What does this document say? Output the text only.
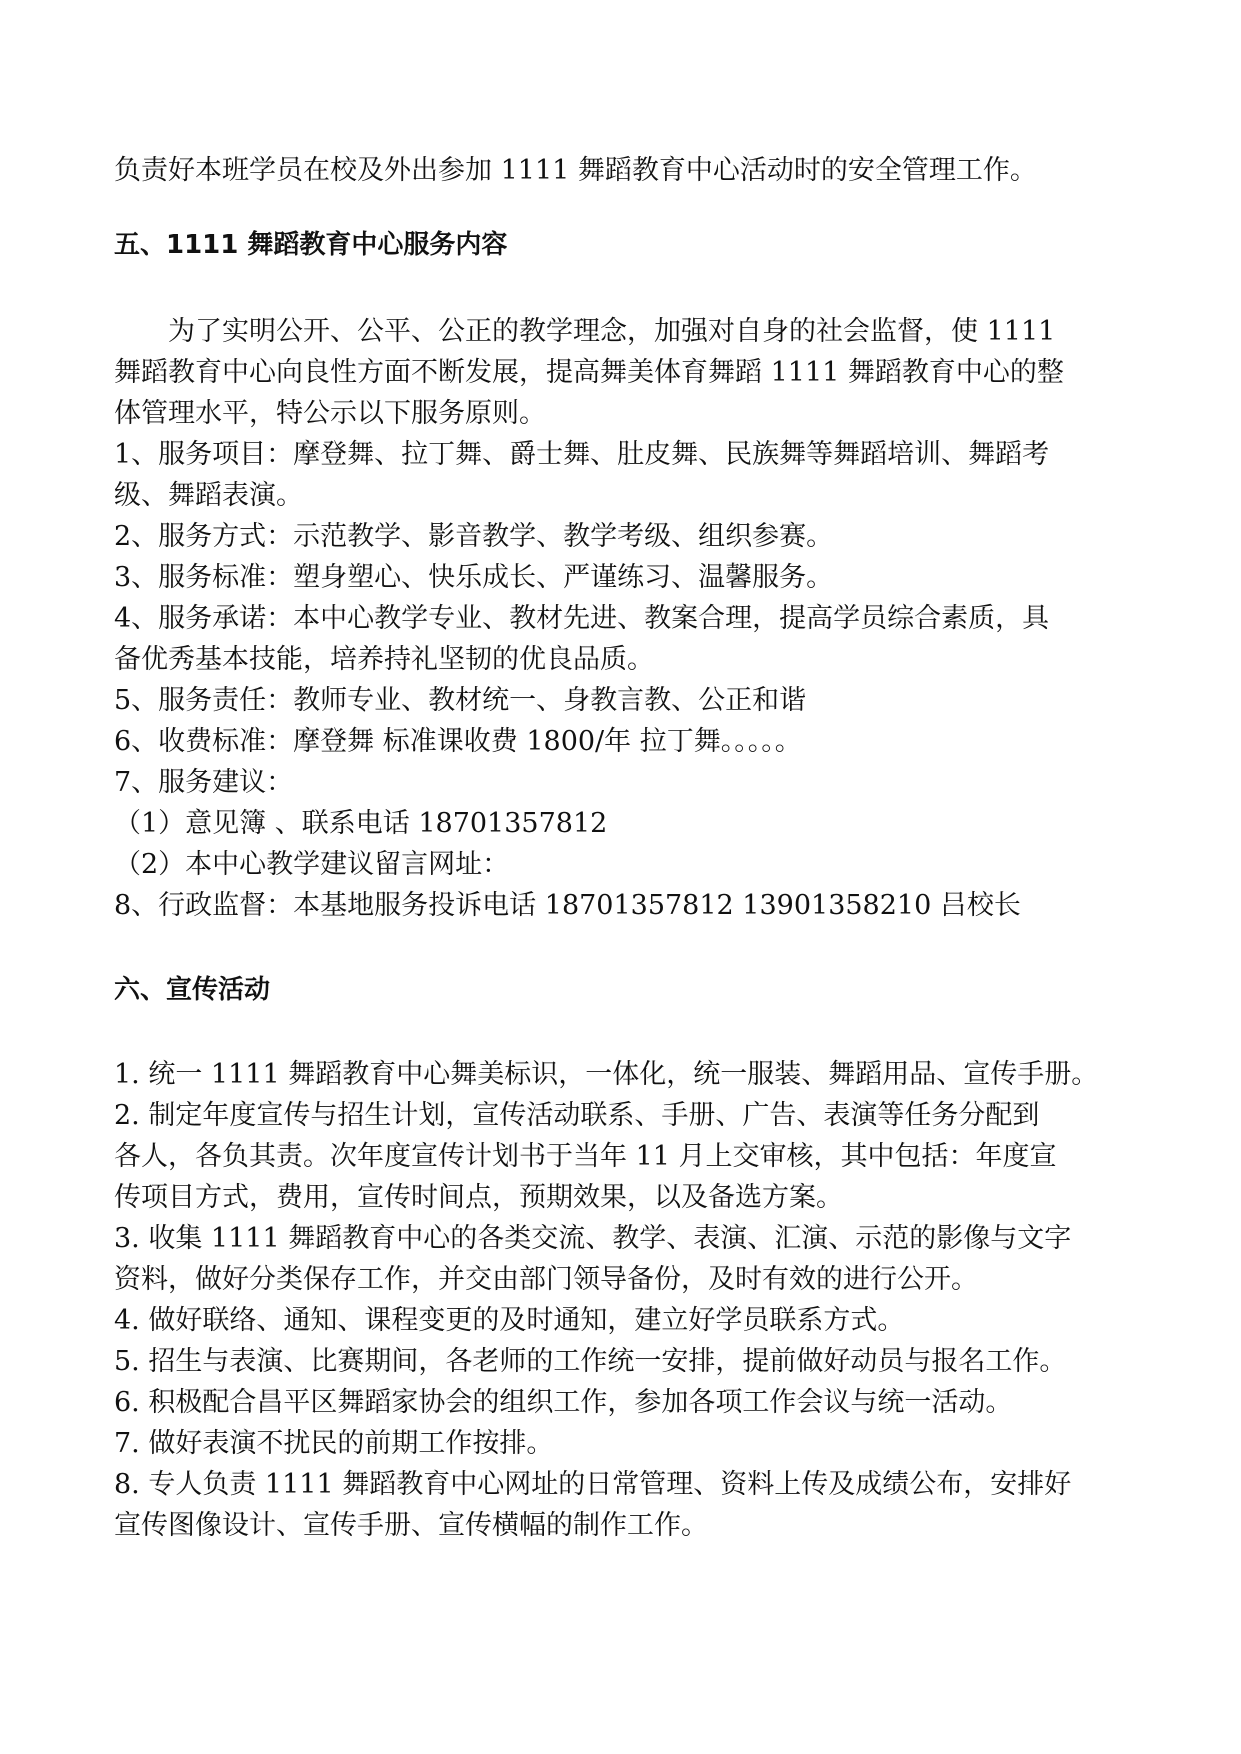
负责好本班学员在校及外出参加 1111 舞蹈教育中心活动时的安全管理工作。
五、1111 舞蹈教育中心服务内容
为了实明公开、公平、公正的教学理念，加强对自身的社会监督，使 1111
舞蹈教育中心向良性方面不断发展，提高舞美体育舞蹈 1111 舞蹈教育中心的整
体管理水平，特公示以下服务原则。
1、服务项目：摩登舞、拉丁舞、爵士舞、肚皮舞、民族舞等舞蹈培训、舞蹈考
级、舞蹈表演。
2、服务方式：示范教学、影音教学、教学考级、组织参赛。
3、服务标准：塑身塑心、快乐成长、严谨练习、温馨服务。
4、服务承诺：本中心教学专业、教材先进、教案合理，提高学员综合素质，具
备优秀基本技能，培养持礼坚韧的优良品质。
5、服务责任：教师专业、教材统一、身教言教、公正和谐
6、收费标准：摩登舞 标准课收费 1800/年 拉丁舞。。。。。
7、服务建议：
（1）意见簿 、联系电话 18701357812
（2）本中心教学建议留言网址：
8、行政监督：本基地服务投诉电话 18701357812 13901358210 吕校长
六、宣传活动
1. 统一 1111 舞蹈教育中心舞美标识，一体化，统一服装、舞蹈用品、宣传手册。
2. 制定年度宣传与招生计划，宣传活动联系、手册、广告、表演等任务分配到
各人，各负其责。次年度宣传计划书于当年 11 月上交审核，其中包括：年度宣
传项目方式，费用，宣传时间点，预期效果，以及备选方案。
3. 收集 1111 舞蹈教育中心的各类交流、教学、表演、汇演、示范的影像与文字
资料，做好分类保存工作，并交由部门领导备份，及时有效的进行公开。
4. 做好联络、通知、课程变更的及时通知，建立好学员联系方式。
5. 招生与表演、比赛期间，各老师的工作统一安排，提前做好动员与报名工作。
6. 积极配合昌平区舞蹈家协会的组织工作，参加各项工作会议与统一活动。
7. 做好表演不扰民的前期工作按排。
8. 专人负责 1111 舞蹈教育中心网址的日常管理、资料上传及成绩公布，安排好
宣传图像设计、宣传手册、宣传横幅的制作工作。
